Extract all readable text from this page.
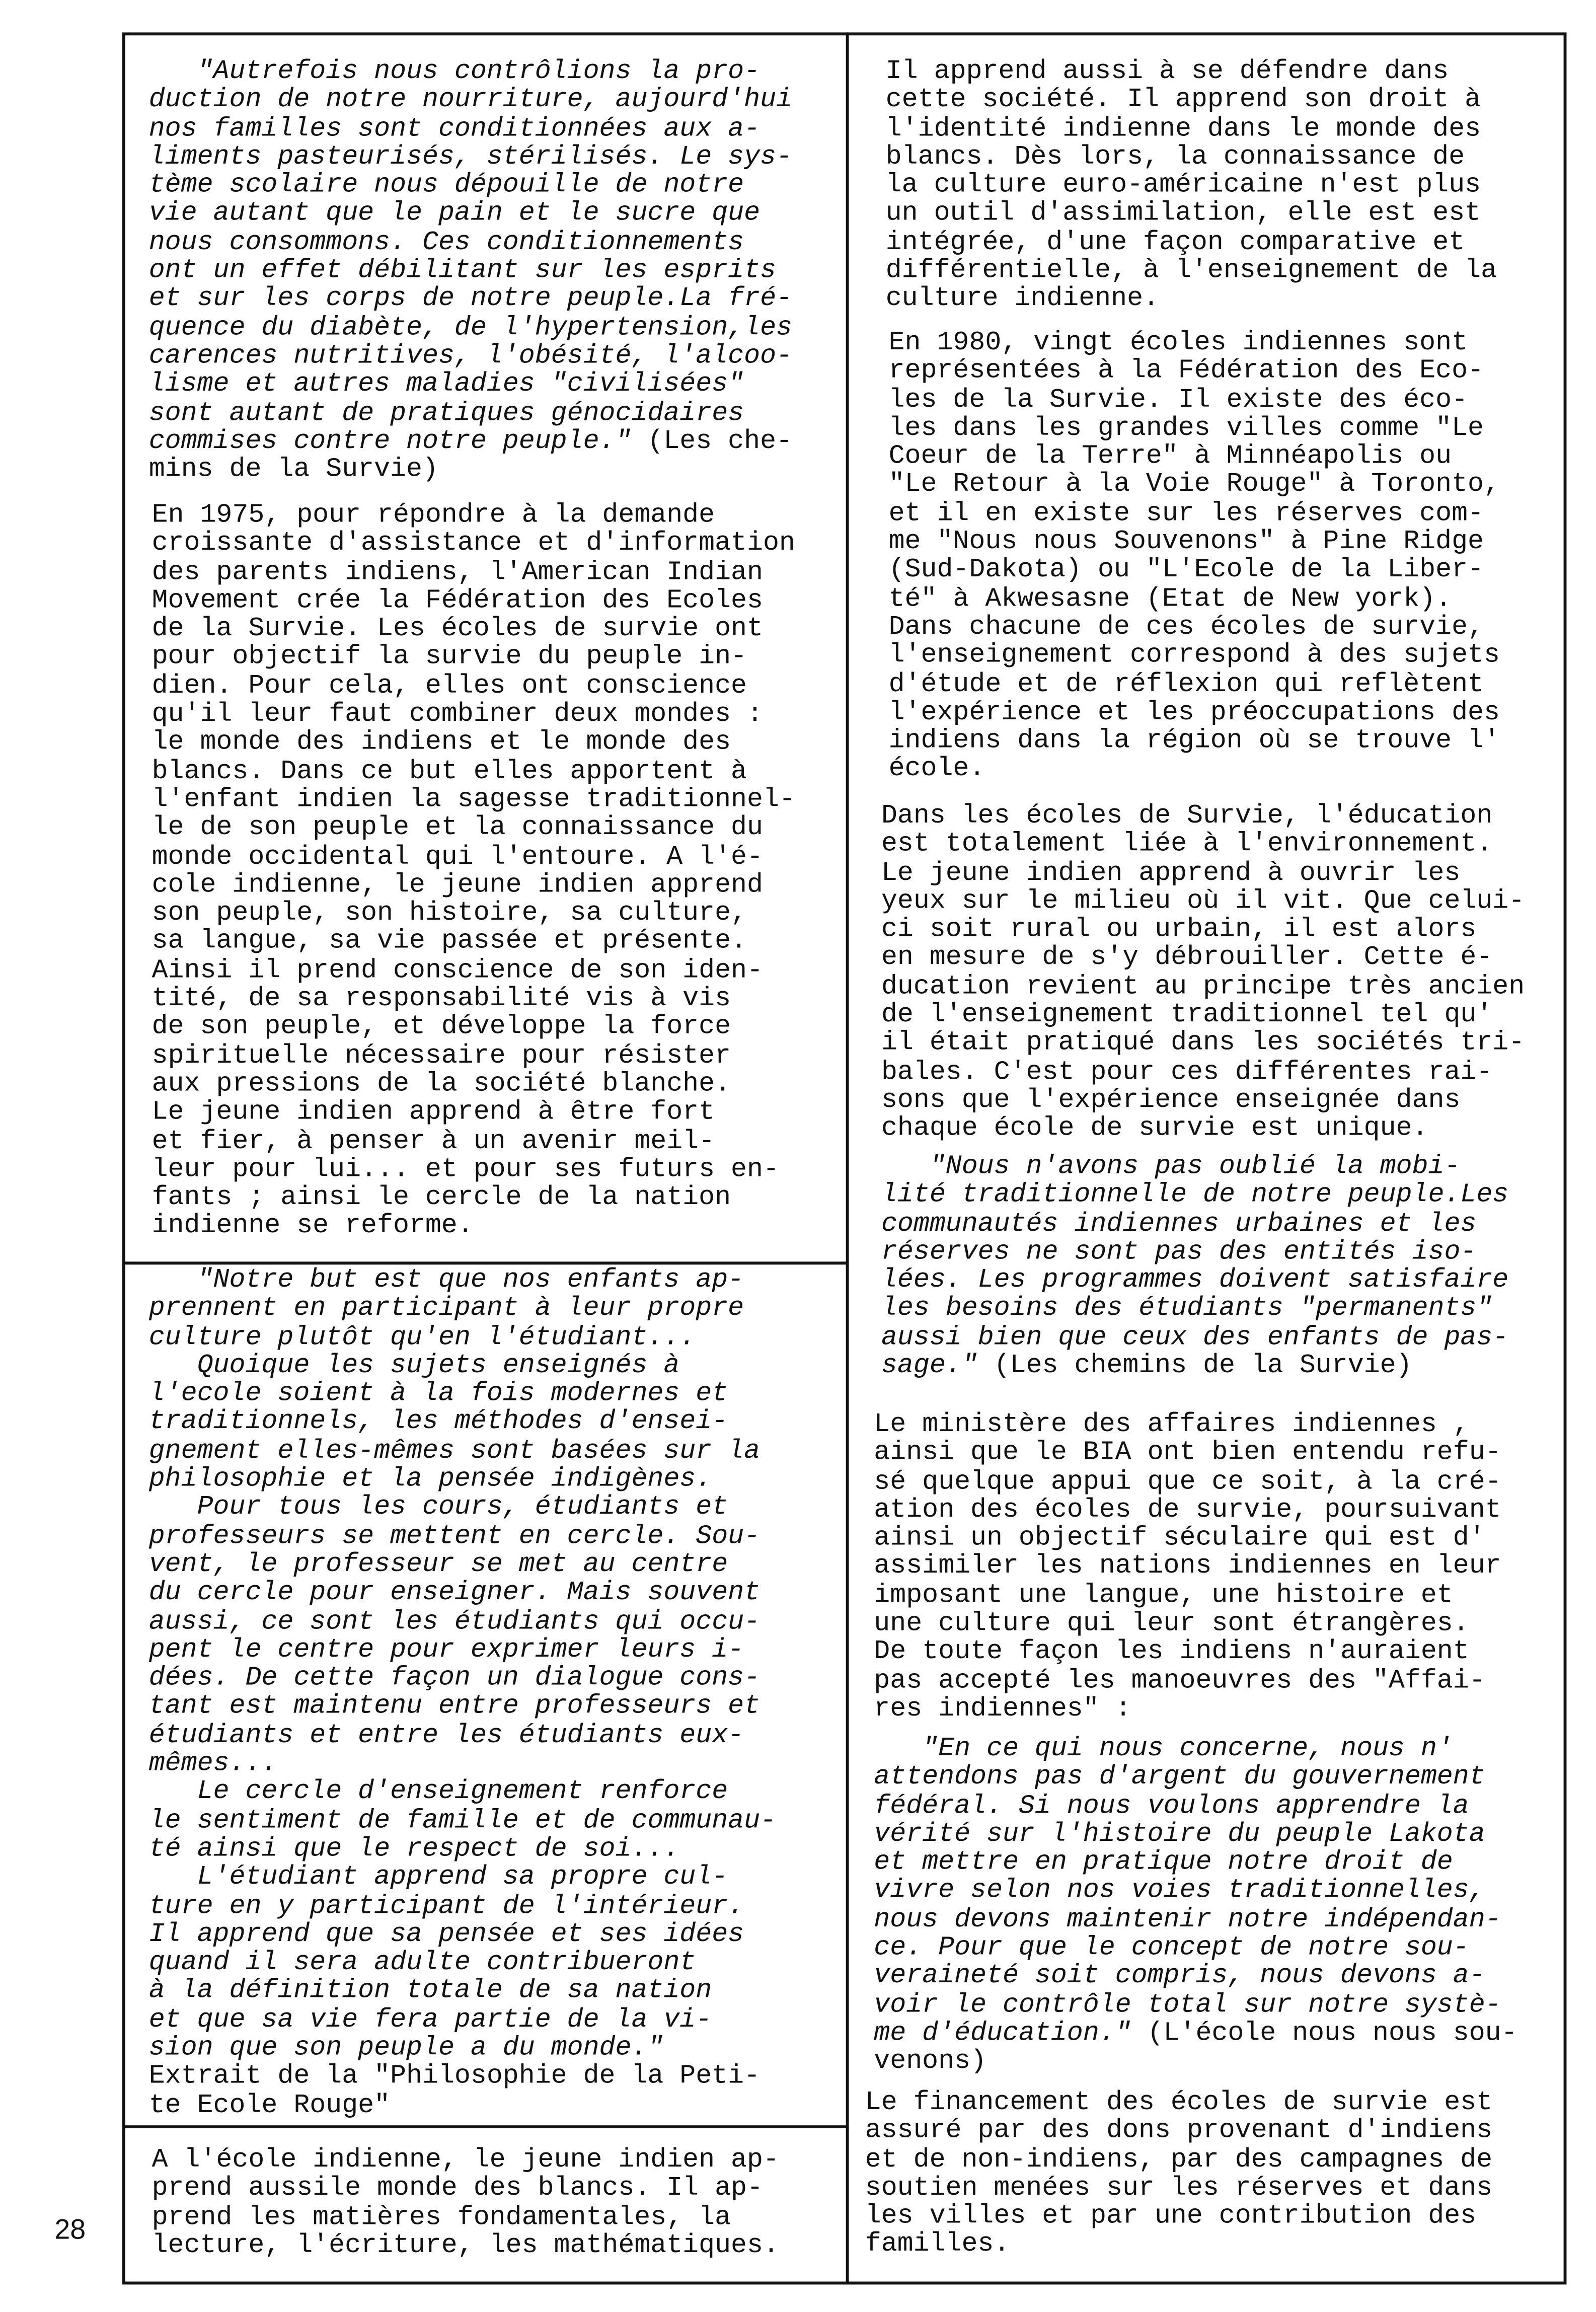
28
"Autrefois nous contrôlions la pro-
duction de notre nourriture, aujourd'hui
nos familles sont conditionnées aux a-
liments pasteurisés, stérilisés. Le sys-
tème scolaire nous dépouille de notre
vie autant que le pain et le sucre que
nous consommons. Ces conditionnements
ont un effet débilitant sur les esprits
et sur les corps de notre peuple.La fré-
quence du diabète, de l'hypertension,les
carences nutritives, l'obésité, l'alcoo-
lisme et autres maladies "civilisées"
sont autant de pratiques génocidaires
commises contre notre peuple." (Les che-
mins de la Survie)
En 1975, pour répondre à la demande
croissante d'assistance et d'information
des parents indiens, l'American Indian
Movement crée la Fédération des Ecoles
de la Survie. Les écoles de survie ont
pour objectif la survie du peuple in-
dien. Pour cela, elles ont conscience
qu'il leur faut combiner deux mondes :
le monde des indiens et le monde des
blancs. Dans ce but elles apportent à
l'enfant indien la sagesse traditionnel-
le de son peuple et la connaissance du
monde occidental qui l'entoure. A l'é-
cole indienne, le jeune indien apprend
son peuple, son histoire, sa culture,
sa langue, sa vie passée et présente.
Ainsi il prend conscience de son iden-
tité, de sa responsabilité vis à vis
de son peuple, et développe la force
spirituelle nécessaire pour résister
aux pressions de la société blanche.
Le jeune indien apprend à être fort
et fier, à penser à un avenir meil-
leur pour lui... et pour ses futurs en-
fants ; ainsi le cercle de la nation
indienne se reforme.
"Notre but est que nos enfants ap-
prennent en participant à leur propre
culture plutôt qu'en l'étudiant...
Quoique les sujets enseignés à
l'ecole soient à la fois modernes et
traditionnels, les méthodes d'ensei-
gnement elles-mêmes sont basées sur la
philosophie et la pensée indigènes.
Pour tous les cours, étudiants et
professeurs se mettent en cercle. Sou-
vent, le professeur se met au centre
du cercle pour enseigner. Mais souvent
aussi, ce sont les étudiants qui occu-
pent le centre pour exprimer leurs i-
dées. De cette façon un dialogue cons-
tant est maintenu entre professeurs et
étudiants et entre les étudiants eux-
mêmes...
Le cercle d'enseignement renforce
le sentiment de famille et de communau-
té ainsi que le respect de soi...
L'étudiant apprend sa propre cul-
ture en y participant de l'intérieur.
Il apprend que sa pensée et ses idées
quand il sera adulte contribueront
à la définition totale de sa nation
et que sa vie fera partie de la vi-
sion que son peuple a du monde."
Extrait de la "Philosophie de la Peti-
te Ecole Rouge"
A l'école indienne, le jeune indien ap-
prend aussile monde des blancs. Il ap-
prend les matières fondamentales, la
lecture, l'écriture, les mathématiques.
Il apprend aussi à se défendre dans
cette société. Il apprend son droit à
l'identité indienne dans le monde des
blancs. Dès lors, la connaissance de
la culture euro-américaine n'est plus
un outil d'assimilation, elle est est
intégrée, d'une façon comparative et
différentielle, à l'enseignement de la
culture indienne.
En 1980, vingt écoles indiennes sont
représentées à la Fédération des Eco-
les de la Survie. Il existe des éco-
les dans les grandes villes comme "Le
Coeur de la Terre" à Minnéapolis ou
"Le Retour à la Voie Rouge" à Toronto,
et il en existe sur les réserves com-
me "Nous nous Souvenons" à Pine Ridge
(Sud-Dakota) ou "L'Ecole de la Liber-
té" à Akwesasne (Etat de New york).
Dans chacune de ces écoles de survie,
l'enseignement correspond à des sujets
d'étude et de réflexion qui reflètent
l'expérience et les préoccupations des
indiens dans la région où se trouve l'
école.
Dans les écoles de Survie, l'éducation
est totalement liée à l'environnement.
Le jeune indien apprend à ouvrir les
yeux sur le milieu où il vit. Que celui-
ci soit rural ou urbain, il est alors
en mesure de s'y débrouiller. Cette é-
ducation revient au principe très ancien
de l'enseignement traditionnel tel qu'
il était pratiqué dans les sociétés tri-
bales. C'est pour ces différentes rai-
sons que l'expérience enseignée dans
chaque école de survie est unique.
"Nous n'avons pas oublié la mobi-
lité traditionnelle de notre peuple.Les
communautés indiennes urbaines et les
réserves ne sont pas des entités iso-
lées. Les programmes doivent satisfaire
les besoins des étudiants "permanents"
aussi bien que ceux des enfants de pas-
sage." (Les chemins de la Survie)
Le ministère des affaires indiennes ,
ainsi que le BIA ont bien entendu refu-
sé quelque appui que ce soit, à la cré-
ation des écoles de survie, poursuivant
ainsi un objectif séculaire qui est d'
assimiler les nations indiennes en leur
imposant une langue, une histoire et
une culture qui leur sont étrangères.
De toute façon les indiens n'auraient
pas accepté les manoeuvres des "Affai-
res indiennes" :
"En ce qui nous concerne, nous n'
attendons pas d'argent du gouvernement
fédéral. Si nous voulons apprendre la
vérité sur l'histoire du peuple Lakota
et mettre en pratique notre droit de
vivre selon nos voies traditionnelles,
nous devons maintenir notre indépendan-
ce. Pour que le concept de notre sou-
veraineté soit compris, nous devons a-
voir le contrôle total sur notre systè-
me d'éducation." (L'école nous nous sou-
venons)
Le financement des écoles de survie est
assuré par des dons provenant d'indiens
et de non-indiens, par des campagnes de
soutien menées sur les réserves et dans
les villes et par une contribution des
familles.
